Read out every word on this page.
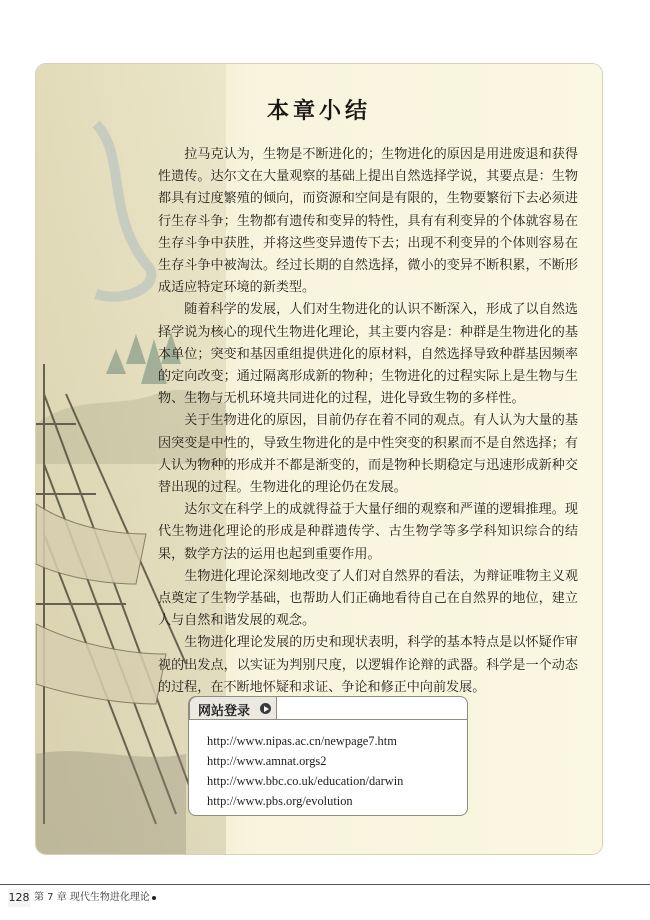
本章小结

拉马克认为，生物是不断进化的；生物进化的原因是用进废退和获得性遗传。达尔文在大量观察的基础上提出自然选择学说，其要点是：生物都具有过度繁殖的倾向，而资源和空间是有限的，生物要繁衍下去必须进行生存斗争；生物都有遗传和变异的特性，具有有利变异的个体就容易在生存斗争中获胜，并将这些变异遗传下去；出现不利变异的个体则容易在生存斗争中被淘汰。经过长期的自然选择，微小的变异不断积累，不断形成适应特定环境的新类型。

随着科学的发展，人们对生物进化的认识不断深入，形成了以自然选择学说为核心的现代生物进化理论，其主要内容是：种群是生物进化的基本单位；突变和基因重组提供进化的原材料，自然选择导致种群基因频率的定向改变；通过隔离形成新的物种；生物进化的过程实际上是生物与生物、生物与无机环境共同进化的过程，进化导致生物的多样性。

关于生物进化的原因，目前仍存在着不同的观点。有人认为大量的基因突变是中性的，导致生物进化的是中性突变的积累而不是自然选择；有人认为物种的形成并不都是渐变的，而是物种长期稳定与迅速形成新种交替出现的过程。生物进化的理论仍在发展。

达尔文在科学上的成就得益于大量仔细的观察和严谨的逻辑推理。现代生物进化理论的形成是种群遗传学、古生物学等多学科知识综合的结果，数学方法的运用也起到重要作用。

生物进化理论深刻地改变了人们对自然界的看法，为辩证唯物主义观点奠定了生物学基础，也帮助人们正确地看待自己在自然界的地位，建立人与自然和谐发展的观念。

生物进化理论发展的历史和现状表明，科学的基本特点是以怀疑作审视的出发点，以实证为判别尺度，以逻辑作论辩的武器。科学是一个动态的过程，在不断地怀疑和求证、争论和修正中向前发展。

网站登录
http://www.nipas.ac.cn/newpage7.htm
http://www.amnat.orgs2
http://www.bbc.co.uk/education/darwin
http://www.pbs.org/evolution
128 第 7 章 现代生物进化理论
